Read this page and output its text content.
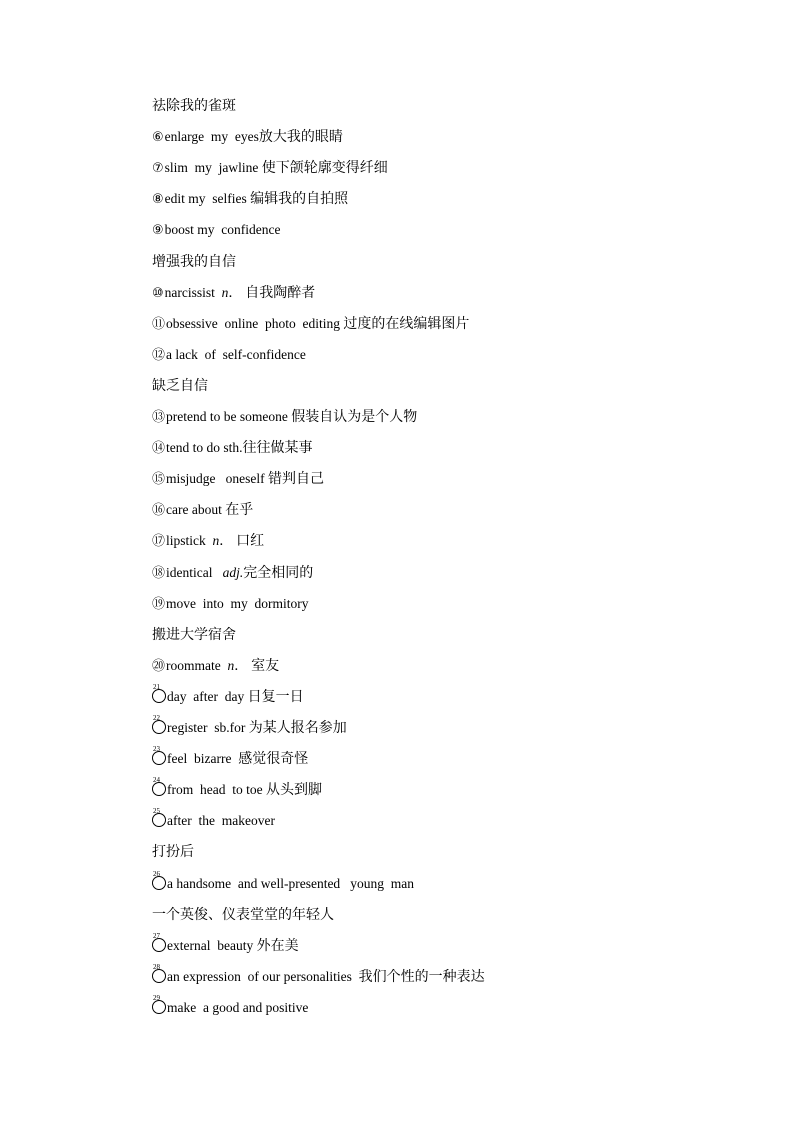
祛除我的雀斑
⑥enlarge  my  eyes放大我的眼睛
⑦slim  my  jawline 使下颌轮廓变得纤细
⑧edit my  selfies 编辑我的自拍照
⑨boost my  confidence
增强我的自信
⑩narcissist  n． 自我陶醉者
⑪obsessive  online  photo  editing 过度的在线编辑图片
⑫a lack  of  self-confidence
缺乏自信
⑬pretend to be someone 假装自认为是个人物
⑭tend to do sth.往往做某事
⑮misjudge   oneself 错判自己
⑯care about 在乎
⑰lipstick  n． 口红
⑱identical   adj.完全相同的
⑲move  into  my  dormitory
搬进大学宿舍
⑳roommate  n． 室友
21
day  after  day 日复一日
22
register  sb.for 为某人报名参加
23
feel  bizarre  感觉很奇怪
24
from  head  to toe 从头到脚
25
after  the  makeover
打扮后
26
a handsome  and well-presented   young  man
一个英俊、仪表堂堂的年轻人
27
external  beauty 外在美
28
an expression  of our personalities  我们个性的一种表达
29
make  a good and positive
